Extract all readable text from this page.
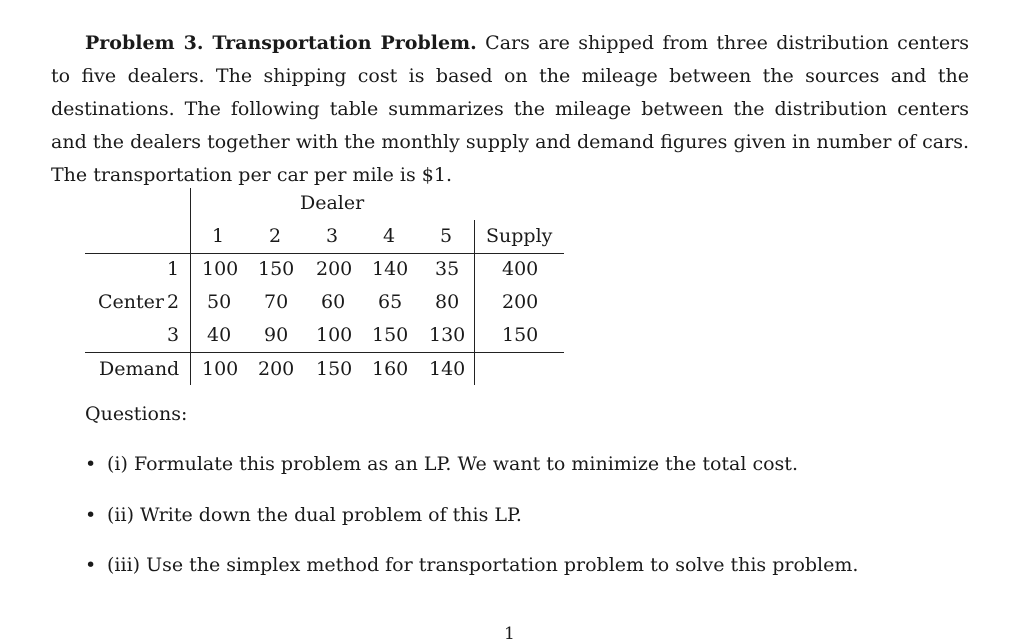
Problem 3. Transportation Problem. Cars are shipped from three distribution centers to five dealers. The shipping cost is based on the mileage between the sources and the destinations. The following table summarizes the mileage between the distribution centers and the dealers together with the monthly supply and demand figures given in number of cars. The transportation per car per mile is $1.

Dealer
1 2 3 4 5 Supply
1 100 150 200 140 35 400
Center 2 50 70 60 65 80 200
3 40 90 100 150 130 150
Demand 100 200 150 160 140
Questions:
• (i) Formulate this problem as an LP. We want to minimize the total cost.
• (ii) Write down the dual problem of this LP.
• (iii) Use the simplex method for transportation problem to solve this problem.
1
